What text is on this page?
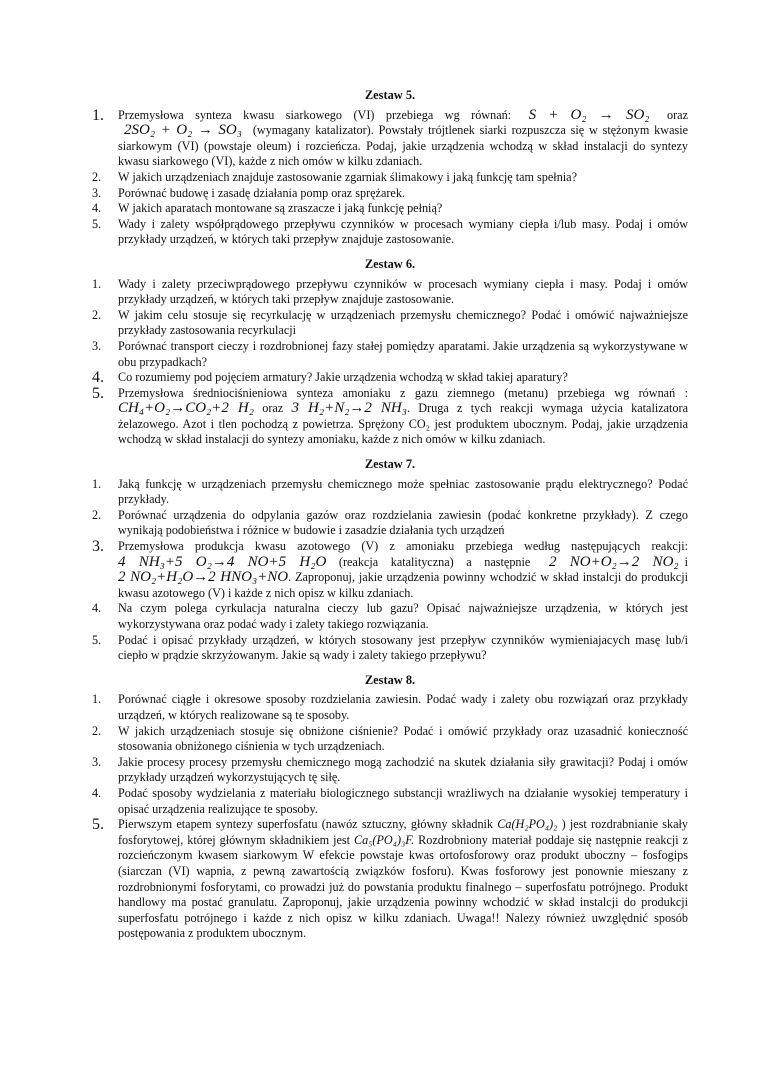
Zestaw 5.
1.	Przemysłowa synteza kwasu siarkowego (VI) przebiega wg równań: S + O₂ → SO₂ oraz 2SO₂ + O₂ → SO₃ (wymagany katalizator). Powstały trójtlenek siarki rozpuszcza się w stężonym kwasie siarkowym (VI) (powstaje oleum) i rozcieńcza. Podaj, jakie urządzenia wchodzą w skład instalacji do syntezy kwasu siarkowego (VI), każde z nich omów w kilku zdaniach.
2.	W jakich urządzeniach znajduje zastosowanie zgarniak ślimakowy i jaką funkcję tam spełnia?
3.	Porównać budowę i zasadę działania pomp oraz sprężarek.
4.	W jakich aparatach montowane są zraszacze i jaką funkcję pełnią?
5.	Wady i zalety współprądowego przepływu czynników w procesach wymiany ciepła i/lub masy. Podaj i omów przykłady urządzeń, w których taki przepływ znajduje zastosowanie.
Zestaw 6.
1.	Wady i zalety przeciwprądowego przepływu czynników w procesach wymiany ciepła i masy. Podaj i omów przykłady urządzeń, w których taki przepływ znajduje zastosowanie.
2.	W jakim celu stosuje się recyrkulację w urządzeniach przemysłu chemicznego? Podać i omówić najważniejsze przykłady zastosowania recyrkulacji
3.	Porównać transport cieczy i rozdrobnionej fazy stałej pomiędzy aparatami. Jakie urządzenia są wykorzystywane w obu przypadkach?
4.	Co rozumiemy pod pojęciem armatury? Jakie urządzenia wchodzą w skład takiej aparatury?
5.	Przemysłowa średniociśnieniowa synteza amoniaku z gazu ziemnego (metanu) przebiega wg równań : CH₄+O₂→CO₂+2 H₂ oraz 3 H₂+N₂→2 NH₃. Druga z tych reakcji wymaga użycia katalizatora żelazowego. Azot i tlen pochodzą z powietrza. Sprężony CO₂ jest produktem ubocznym. Podaj, jakie urządzenia wchodzą w skład instalacji do syntezy amoniaku, każde z nich omów w kilku zdaniach.
Zestaw 7.
1.	Jaką funkcję w urządzeniach przemysłu chemicznego może spełniac zastosowanie prądu elektrycznego? Podać przykłady.
2.	Porównać urządzenia do odpylania gazów oraz rozdzielania zawiesin (podać konkretne przykłady). Z czego wynikają podobieństwa i różnice w budowie i zasadzie działania tych urządzeń
3.	Przemysłowa produkcja kwasu azotowego (V) z amoniaku przebiega według następujących reakcji: 4 NH₃+5 O₂→4 NO+5 H₂O (reakcja katalityczna) a następnie 2 NO+O₂→2 NO₂ i 2 NO₂+H₂O→2 HNO₃+NO. Zaproponuj, jakie urządzenia powinny wchodzić w skład instalcji do produkcji kwasu azotowego (V) i każde z nich opisz w kilku zdaniach.
4.	Na czym polega cyrkulacja naturalna cieczy lub gazu? Opisać najważniejsze urządzenia, w których jest wykorzystywana oraz podać wady i zalety takiego rozwiązania.
5.	Podać i opisać przykłady urządzeń, w których stosowany jest przepływ czynników wymieniajacych masę lub/i ciepło w prądzie skrzyżowanym. Jakie są wady i zalety takiego przepływu?
Zestaw 8.
1.	Porównać ciągłe i okresowe sposoby rozdzielania zawiesin. Podać wady i zalety obu rozwiązań oraz przykłady urządzeń, w których realizowane są te sposoby.
2.	W jakich urządzeniach stosuje się obniżone ciśnienie? Podać i omówić przykłady oraz uzasadnić konieczność stosowania obniżonego ciśnienia w tych urządzeniach.
3.	Jakie procesy procesy przemysłu chemicznego mogą zachodzić na skutek działania siły grawitacji? Podaj i omów przykłady urządzeń wykorzystujących tę siłę.
4.	Podać sposoby wydzielania z materiału biologicznego substancji wrażliwych na działanie wysokiej temperatury i opisać urządzenia realizujące te sposoby.
5.	Pierwszym etapem syntezy superfosfatu (nawóz sztuczny, główny składnik Ca(H₂PO₄)₂ ) jest rozdrabnianie skały fosforytowej, której głównym składnikiem jest Ca₅(PO₄)₃F. Rozdrobniony materiał poddaje się następnie reakcji z rozcieńczonym kwasem siarkowym W efekcie powstaje kwas ortofosforowy oraz produkt uboczny – fosfogips (siarczan (VI) wapnia, z pewną zawartością związków fosforu). Kwas fosforowy jest ponownie mieszany z rozdrobnionymi fosforytami, co prowadzi już do powstania produktu finalnego – superfosfatu potrójnego. Produkt handlowy ma postać granulatu. Zaproponuj, jakie urządzenia powinny wchodzić w skład instalcji do produkcji superfosfatu potrójnego i każde z nich opisz w kilku zdaniach. Uwaga!! Nalezy również uwzględnić sposób postępowania z produktem ubocznym.
